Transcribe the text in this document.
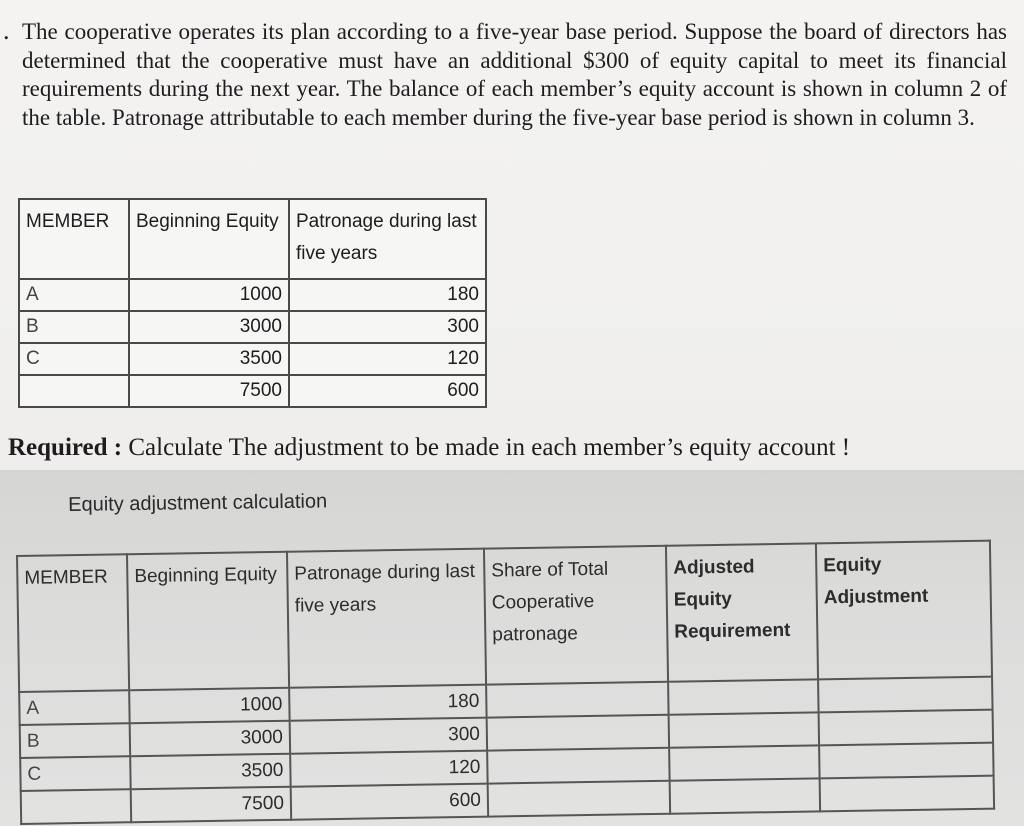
. The cooperative operates its plan according to a five-year base period. Suppose the board of directors has determined that the cooperative must have an additional $300 of equity capital to meet its financial requirements during the next year. The balance of each member’s equity account is shown in column 2 of the table. Patronage attributable to each member during the five-year base period is shown in column 3.

MEMBER	Beginning Equity	Patronage during last five years
A	1000	180
B	3000	300
C	3500	120
	7500	600

Required : Calculate The adjustment to be made in each member’s equity account !

Equity adjustment calculation

MEMBER	Beginning Equity	Patronage during last five years	Share of Total Cooperative patronage	Adjusted Equity Requirement	Equity Adjustment
A	1000	180			
B	3000	300			
C	3500	120			
	7500	600			
